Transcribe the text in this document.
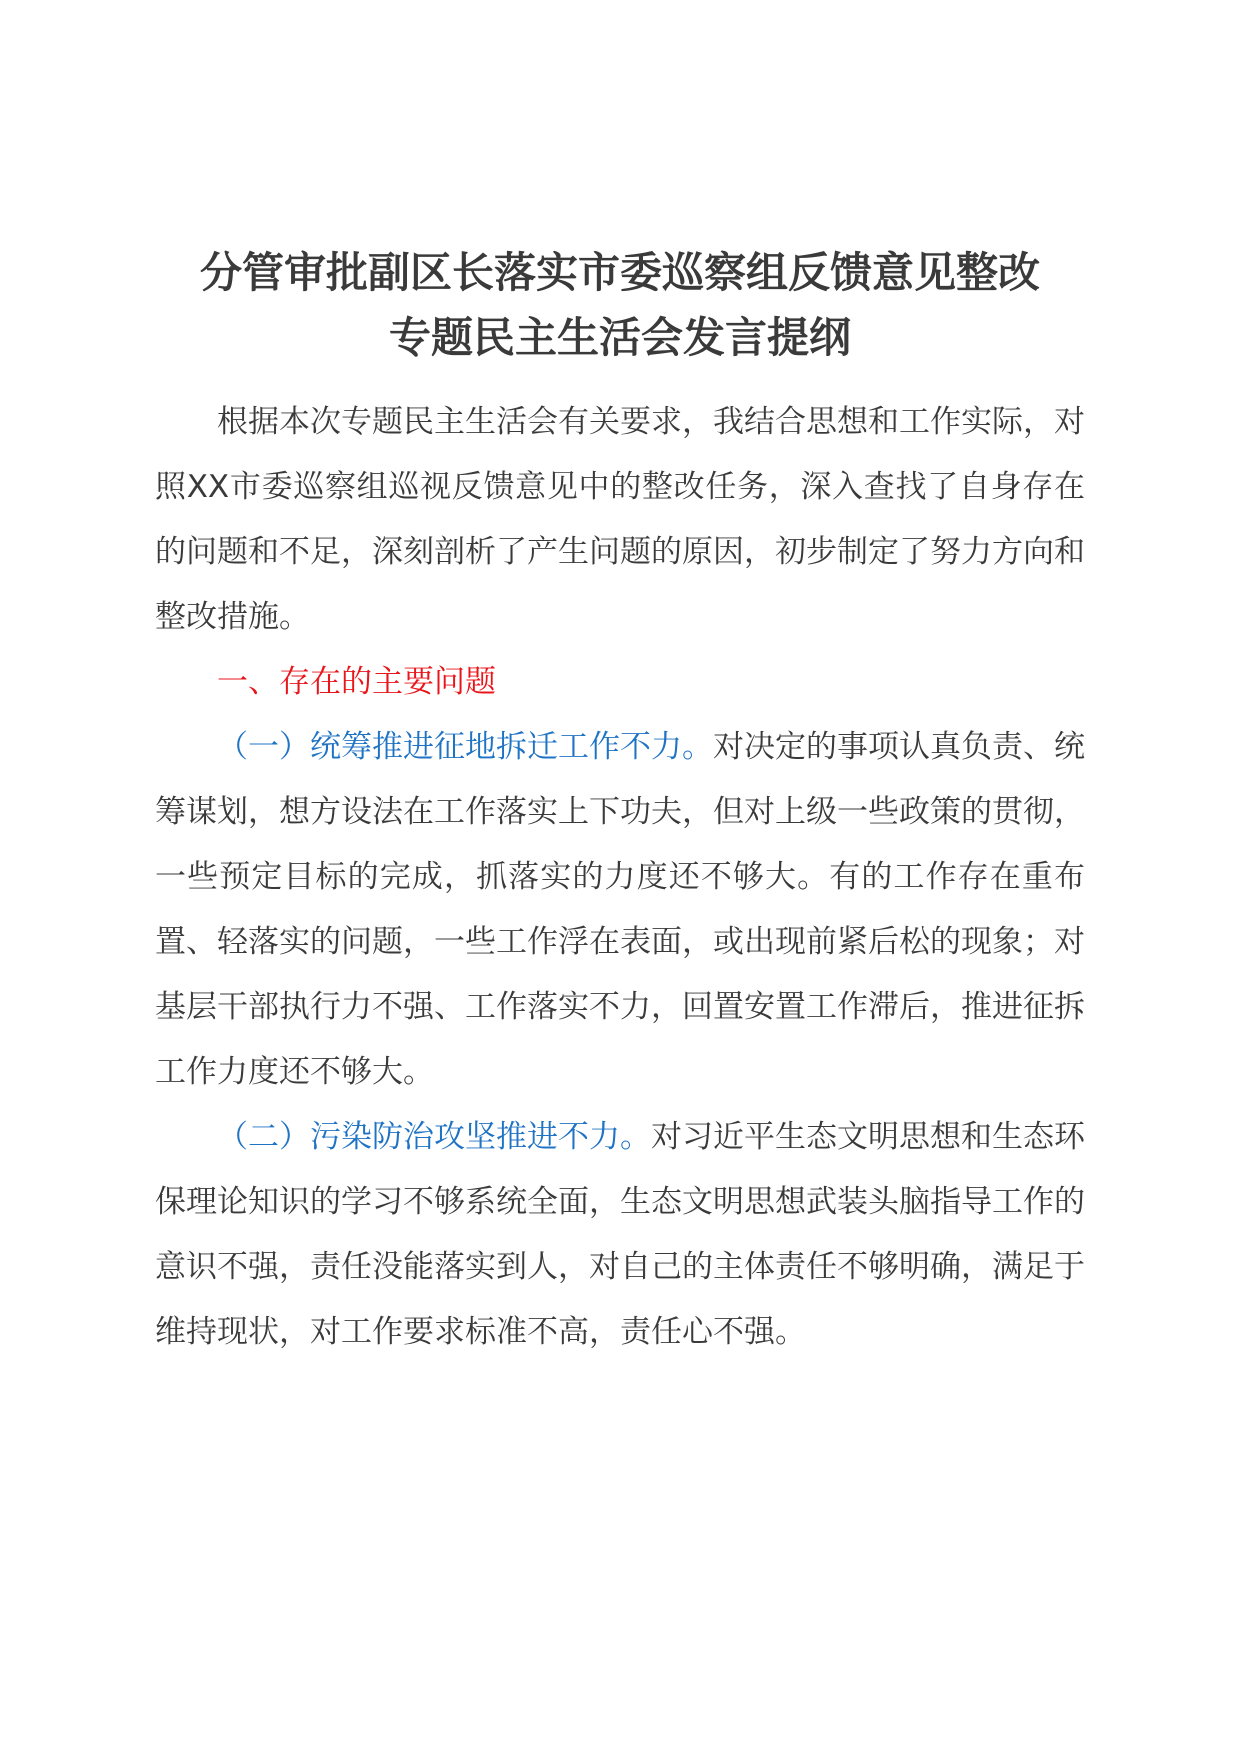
分管审批副区长落实市委巡察组反馈意见整改
专题民主生活会发言提纲

根据本次专题民主生活会有关要求，我结合思想和工作实际，对照XX市委巡察组巡视反馈意见中的整改任务，深入查找了自身存在的问题和不足，深刻剖析了产生问题的原因，初步制定了努力方向和整改措施。

一、存在的主要问题

（一）统筹推进征地拆迁工作不力。对决定的事项认真负责、统筹谋划，想方设法在工作落实上下功夫，但对上级一些政策的贯彻，一些预定目标的完成，抓落实的力度还不够大。有的工作存在重布置、轻落实的问题，一些工作浮在表面，或出现前紧后松的现象；对基层干部执行力不强、工作落实不力，回置安置工作滞后，推进征拆工作力度还不够大。

（二）污染防治攻坚推进不力。对习近平生态文明思想和生态环保理论知识的学习不够系统全面，生态文明思想武装头脑指导工作的意识不强，责任没能落实到人，对自己的主体责任不够明确，满足于维持现状，对工作要求标准不高，责任心不强。
